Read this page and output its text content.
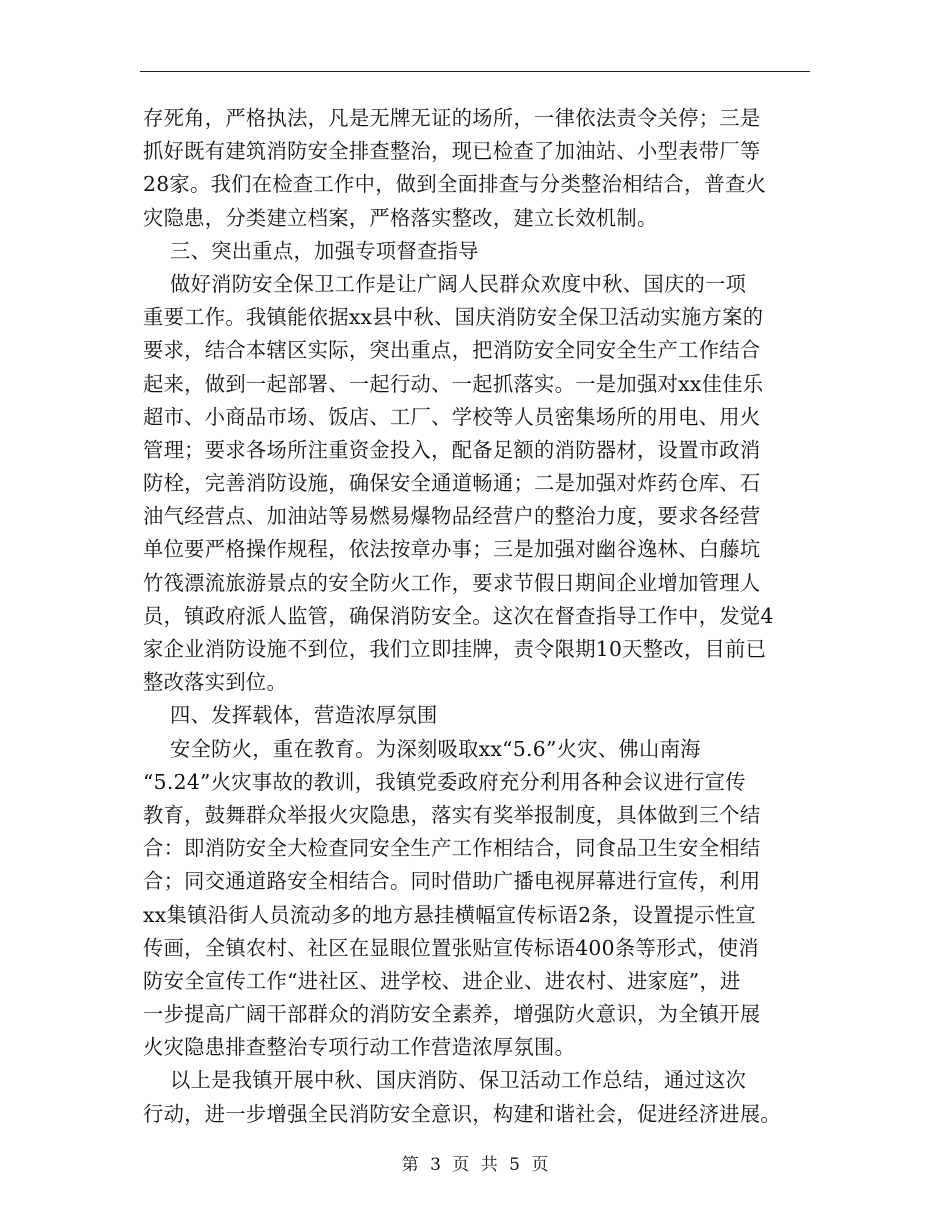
存死角，严格执法，凡是无牌无证的场所，一律依法责令关停；三是
抓好既有建筑消防安全排查整治，现已检查了加油站、小型表带厂等
28家。我们在检查工作中，做到全面排查与分类整治相结合，普查火
灾隐患，分类建立档案，严格落实整改，建立长效机制。
三、突出重点，加强专项督查指导
做好消防安全保卫工作是让广阔人民群众欢度中秋、国庆的一项
重要工作。我镇能依据xx县中秋、国庆消防安全保卫活动实施方案的
要求，结合本辖区实际，突出重点，把消防安全同安全生产工作结合
起来，做到一起部署、一起行动、一起抓落实。一是加强对xx佳佳乐
超市、小商品市场、饭店、工厂、学校等人员密集场所的用电、用火
管理；要求各场所注重资金投入，配备足额的消防器材，设置市政消
防栓，完善消防设施，确保安全通道畅通；二是加强对炸药仓库、石
油气经营点、加油站等易燃易爆物品经营户的整治力度，要求各经营
单位要严格操作规程，依法按章办事；三是加强对幽谷逸林、白藤坑
竹筏漂流旅游景点的安全防火工作，要求节假日期间企业增加管理人
员，镇政府派人监管，确保消防安全。这次在督查指导工作中，发觉4
家企业消防设施不到位，我们立即挂牌，责令限期10天整改，目前已
整改落实到位。
四、发挥载体，营造浓厚氛围
安全防火，重在教育。为深刻吸取xx“5.6”火灾、佛山南海
“5.24”火灾事故的教训，我镇党委政府充分利用各种会议进行宣传
教育，鼓舞群众举报火灾隐患，落实有奖举报制度，具体做到三个结
合：即消防安全大检查同安全生产工作相结合，同食品卫生安全相结
合；同交通道路安全相结合。同时借助广播电视屏幕进行宣传，利用
xx集镇沿街人员流动多的地方悬挂横幅宣传标语2条，设置提示性宣
传画，全镇农村、社区在显眼位置张贴宣传标语400条等形式，使消
防安全宣传工作“进社区、进学校、进企业、进农村、进家庭”，进
一步提高广阔干部群众的消防安全素养，增强防火意识，为全镇开展
火灾隐患排查整治专项行动工作营造浓厚氛围。
以上是我镇开展中秋、国庆消防、保卫活动工作总结，通过这次
行动，进一步增强全民消防安全意识，构建和谐社会，促进经济进展。
第 3 页 共 5 页
